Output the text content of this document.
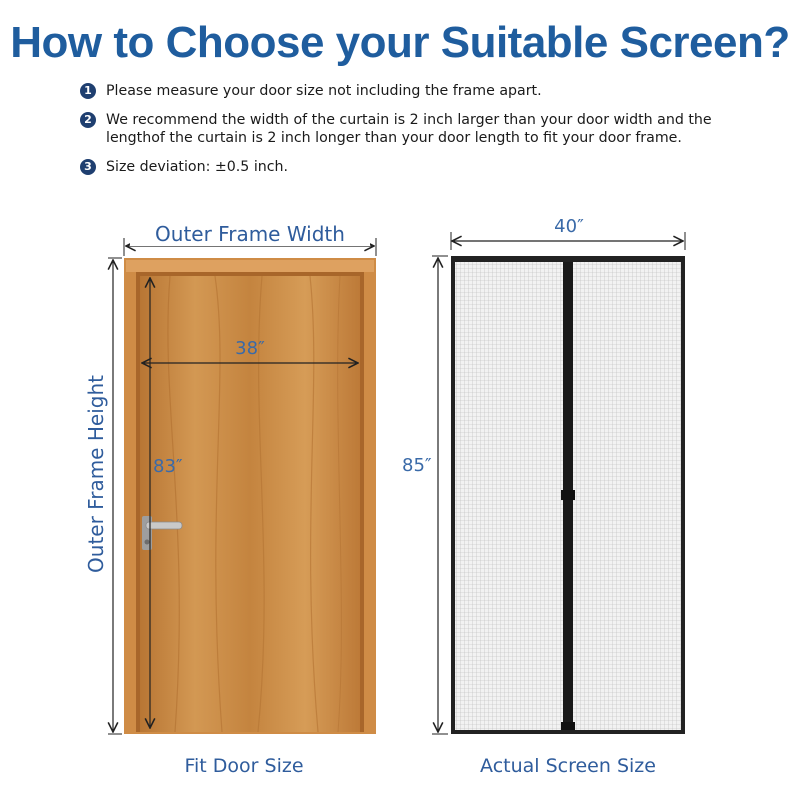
How to Choose your Suitable Screen?
1 Please measure your door size not including the frame apart.
2 We recommend the width of the curtain is 2 inch larger than your door width and the lengthof the curtain is 2 inch longer than your door length to fit your door frame.
3 Size deviation: ±0.5 inch.
Outer Frame Width
Outer Frame Height
38″
83″
40″
85″
Fit Door Size	Actual Screen Size
